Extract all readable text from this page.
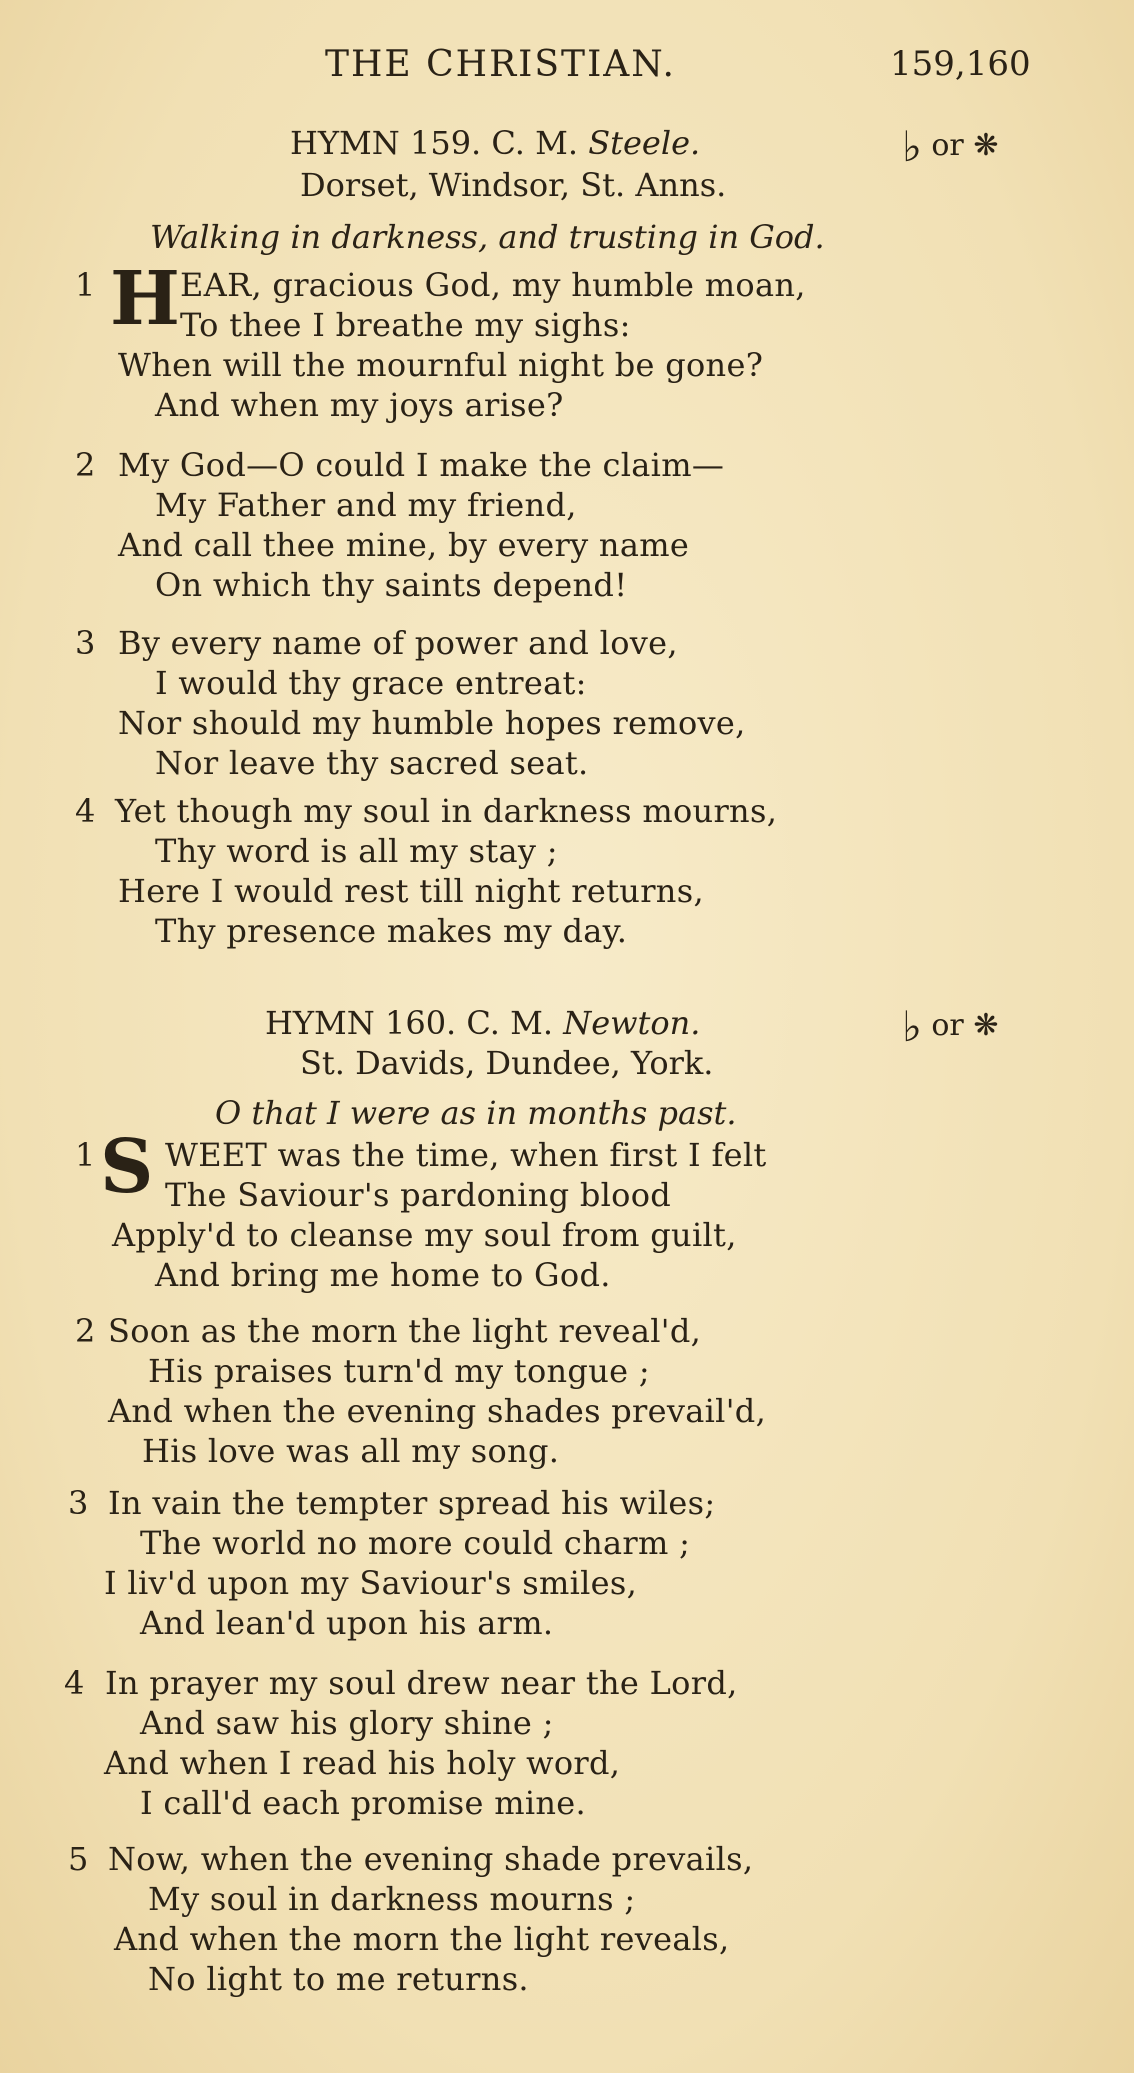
THE CHRISTIAN.	159,160
HYMN 159. C. M. Steele.	♭ or ❋
Dorset, Windsor, St. Anns.
Walking in darkness, and trusting in God.
1 H EAR, gracious God, my humble moan,
To thee I breathe my sighs:
When will the mournful night be gone?
And when my joys arise?
2 My God—O could I make the claim—
My Father and my friend,
And call thee mine, by every name
On which thy saints depend!
3 By every name of power and love,
I would thy grace entreat:
Nor should my humble hopes remove,
Nor leave thy sacred seat.
4 Yet though my soul in darkness mourns,
Thy word is all my stay ;
Here I would rest till night returns,
Thy presence makes my day.
HYMN 160. C. M. Newton.	♭ or ❋
St. Davids, Dundee, York.
O that I were as in months past.
1 S WEET was the time, when first I felt
The Saviour's pardoning blood
Apply'd to cleanse my soul from guilt,
And bring me home to God.
2 Soon as the morn the light reveal'd,
His praises turn'd my tongue ;
And when the evening shades prevail'd,
His love was all my song.
3 In vain the tempter spread his wiles;
The world no more could charm ;
I liv'd upon my Saviour's smiles,
And lean'd upon his arm.
4 In prayer my soul drew near the Lord,
And saw his glory shine ;
And when I read his holy word,
I call'd each promise mine.
5 Now, when the evening shade prevails,
My soul in darkness mourns ;
And when the morn the light reveals,
No light to me returns.
